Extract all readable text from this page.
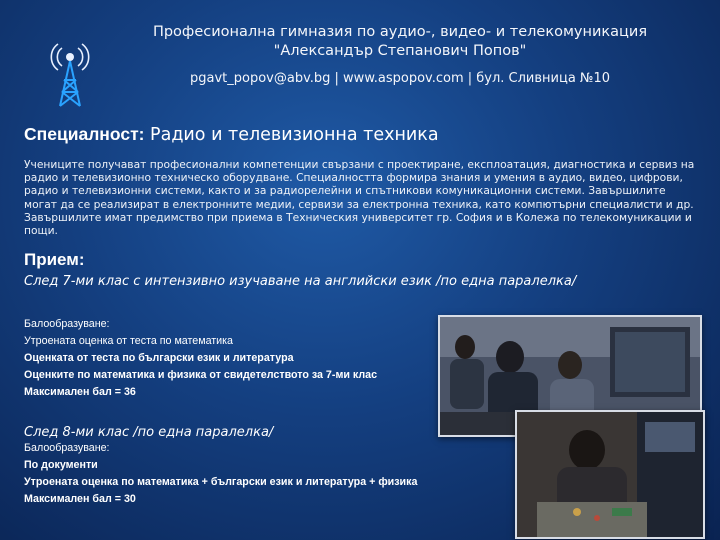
Професионална гимназия по аудио-, видео- и телекомуникация
"Александър Степанович Попов"
pgavt_popov@abv.bg | www.aspopov.com | бул. Сливница №10
Специалност: Радио и телевизионна техника
Учениците получават професионални компетенции свързани с проектиране, експлоатация, диагностика и сервиз на радио и телевизионно техническо оборудване. Специалността формира знания и умения в аудио, видео, цифрови, радио и телевизионни системи, както и за радиорелейни и спътникови комуникационни системи. Завършилите могат да се реализират в електронните медии, сервизи за електронна техника, като компютърни специалисти и др. Завършилите имат предимство при приема в Техническия университет гр. София и в Колежа по телекомуникации и пощи.
Прием:
След 7-ми клас с интензивно изучаване на английски език /по една паралелка/
Балообразуване:
Утроената оценка от теста по математика
Оценката от теста по български език и литература
Оценките по математика и физика от свидетелството за 7-ми клас
Максимален бал = 36
След 8-ми клас /по една паралелка/
Балообразуване:
По документи
Утроената оценка по математика + български език и литература + физика
Максимален бал = 30
